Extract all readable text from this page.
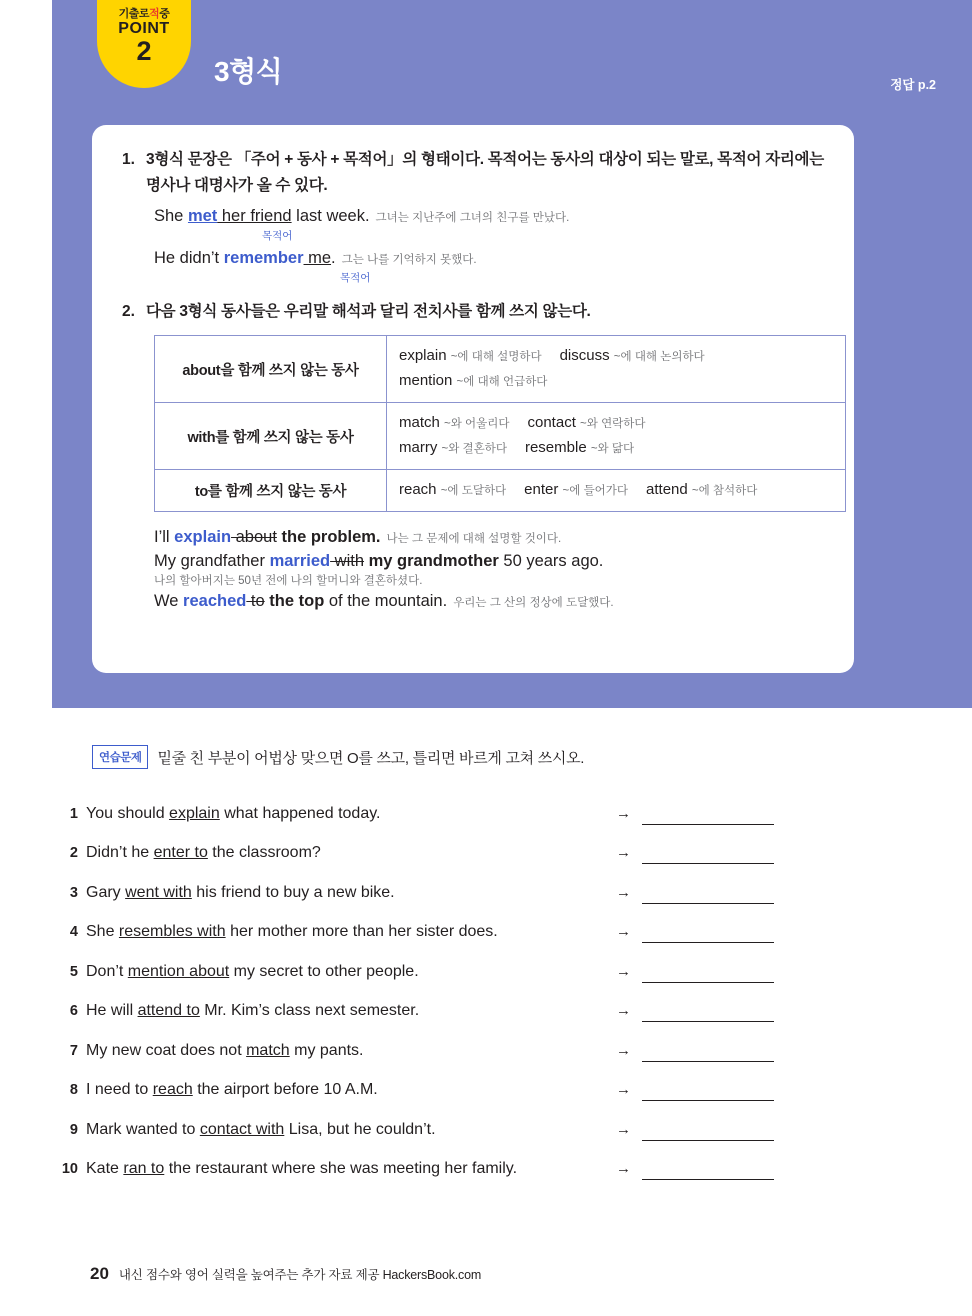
기출로적중
POINT
2
3형식	정답 p.2
1. 3형식 문장은 「주어 + 동사 + 목적어」의 형태이다. 목적어는 동사의 대상이 되는 말로, 목적어 자리에는 명사나 대명사가 올 수 있다.
She met her friend last week. 그녀는 지난주에 그녀의 친구를 만났다.
목적어
He didn’t remember me. 그는 나를 기억하지 못했다.
목적어
2. 다음 3형식 동사들은 우리말 해석과 달리 전치사를 함께 쓰지 않는다.
about을 함께 쓰지 않는 동사	explain ~에 대해 설명하다 discuss ~에 대해 논의하다
mention ~에 대해 언급하다

with를 함께 쓰지 않는 동사	match ~와 어울리다 contact ~와 연락하다
marry ~와 결혼하다 resemble ~와 닮다

to를 함께 쓰지 않는 동사	reach ~에 도달하다 enter ~에 들어가다 attend ~에 참석하다
I’ll explain about the problem. 나는 그 문제에 대해 설명할 것이다.
My grandfather married with my grandmother 50 years ago.
나의 할아버지는 50년 전에 나의 할머니와 결혼하셨다.
We reached to the top of the mountain. 우리는 그 산의 정상에 도달했다.
연습문제	밑줄 친 부분이 어법상 맞으면 O를 쓰고, 틀리면 바르게 고쳐 쓰시오.
1 You should explain what happened today.	→
2 Didn’t he enter to the classroom?	→
3 Gary went with his friend to buy a new bike.	→
4 She resembles with her mother more than her sister does.	→
5 Don’t mention about my secret to other people.	→
6 He will attend to Mr. Kim’s class next semester.	→
7 My new coat does not match my pants.	→
8 I need to reach the airport before 10 A.M.	→
9 Mark wanted to contact with Lisa, but he couldn’t.	→
10 Kate ran to the restaurant where she was meeting her family.	→
20 내신 점수와 영어 실력을 높여주는 추가 자료 제공 HackersBook.com
